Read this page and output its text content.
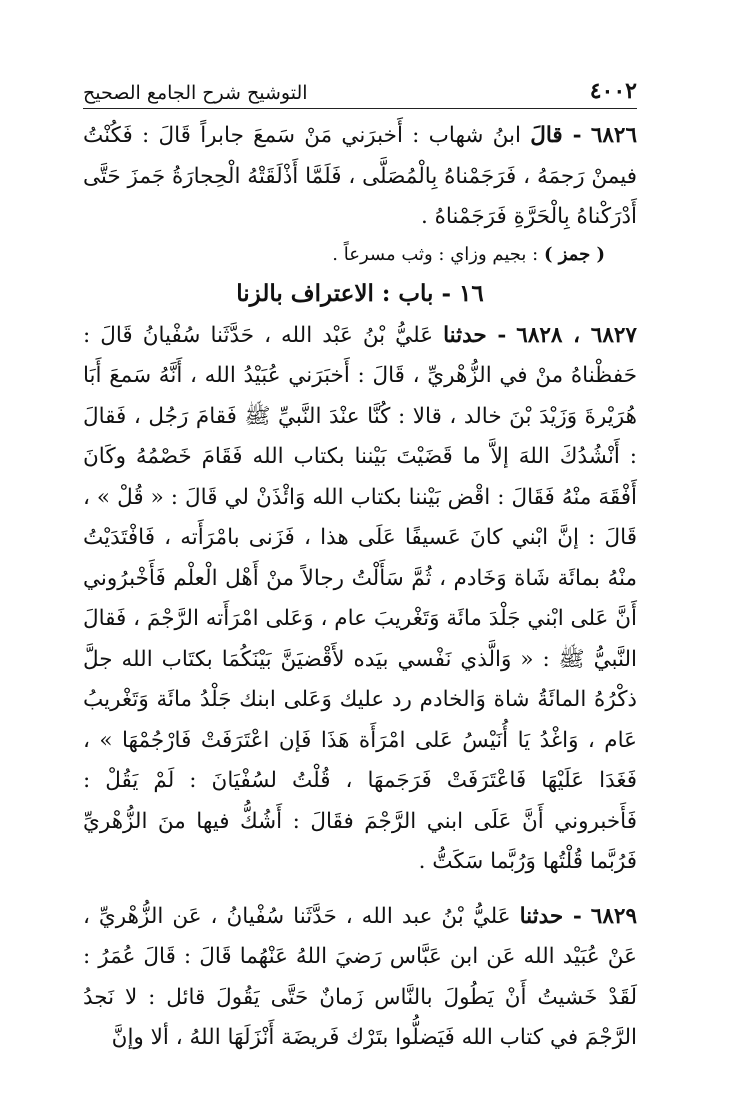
التوشيح شرح الجامع الصحيح	٤٠٠٢

٦٨٢٦ - قالَ ابنُ شهاب : أَخبرَني مَنْ سَمعَ جابراً قَالَ : فَكُنْتُ فيمنْ رَجمَهُ ، فَرَجَمْناهُ بِالْمُصَلَّى ، فَلَمَّا أَذْلَقَتْهُ الْحِجارَةُ جَمزَ حَتَّى أَدْرَكْناهُ بِالْحَرَّةِ فَرَجَمْناهُ .

( جمز ) : بجيم وزاي : وثب مسرعاً .

١٦ - باب : الاعتراف بالزنا

٦٨٢٧ ، ٦٨٢٨ - حدثنا عَليُّ بْنُ عَبْد الله ، حَدَّثَنا سُفْيانُ قَالَ : حَفظْناهُ منْ في الزُّهْريِّ ، قَالَ : أَخبَرَني عُبَيْدُ الله ، أَنَّهُ سَمعَ أَبَا هُرَيْرةَ وَزَيْدَ بْنَ خالد ، قالا : كُنَّا عنْدَ النَّبيِّ ﷺ فَقامَ رَجُل ، فَقالَ : أَنْشُدُكَ اللهَ إلاَّ ما قَضَيْتَ بَيْننا بكتاب الله فَقَامَ خَصْمُهُ وكَانَ أَفْقَهَ منْهُ فَقَالَ : اقْض بَيْننا بكتاب الله وَائْذَنْ لي قَالَ : « قُلْ » ، قَالَ : إنَّ ابْني كانَ عَسيفًا عَلَى هذا ، فَزَنى بامْرَأَته ، فَافْتَدَيْتُ منْهُ بمائَة شَاة وَخَادم ، ثُمَّ سَأَلْتُ رجالاً منْ أَهْل الْعلْم فَأَخْبرُوني أَنَّ عَلى ابْني جَلْدَ مائَة وَتَغْريبَ عام ، وَعَلى امْرَأَته الرَّجْمَ ، فَقالَ النَّبيُّ ﷺ : « وَالَّذي نَفْسي بيَده لأَقْضيَنَّ بَيْنَكُمَا بكتَاب الله جلَّ ذكْرُهُ المائَةُ شاة وَالخادم رد عليك وَعَلى ابنك جَلْدُ مائَة وَتَغْريبُ عَام ، وَاغْدُ يَا أُنَيْسُ عَلى امْرَأَة هَذَا فَإن اعْتَرَفَتْ فَارْجُمْهَا » ، فَغَدَا عَلَيْهَا فَاعْتَرَفَتْ فَرَجَمهَا ، قُلْتُ لسُفْيَانَ : لَمْ يَقُلْ : فَأَخبروني أَنَّ عَلَى ابني الرَّجْمَ فقَالَ : أَشُكُّ فيها منَ الزُّهْريِّ فَرُبَّما قُلْتُها وَرُبَّما سَكَتُّ .

٦٨٢٩ - حدثنا عَليُّ بْنُ عبد الله ، حَدَّثَنا سُفْيانُ ، عَن الزُّهْريِّ ، عَنْ عُبَيْد الله عَن ابن عَبَّاس رَضيَ اللهُ عَنْهُما قَالَ : قَالَ عُمَرُ : لَقَدْ خَشيتُ أَنْ يَطُولَ بالنَّاس زَمانٌ حَتَّى يَقُولَ قائل : لا نَجدُ الرَّجْمَ في كتاب الله فَيَضلُّوا بتَرْك فَريضَة أَنْزَلَهَا اللهُ ، ألا وإنَّ
